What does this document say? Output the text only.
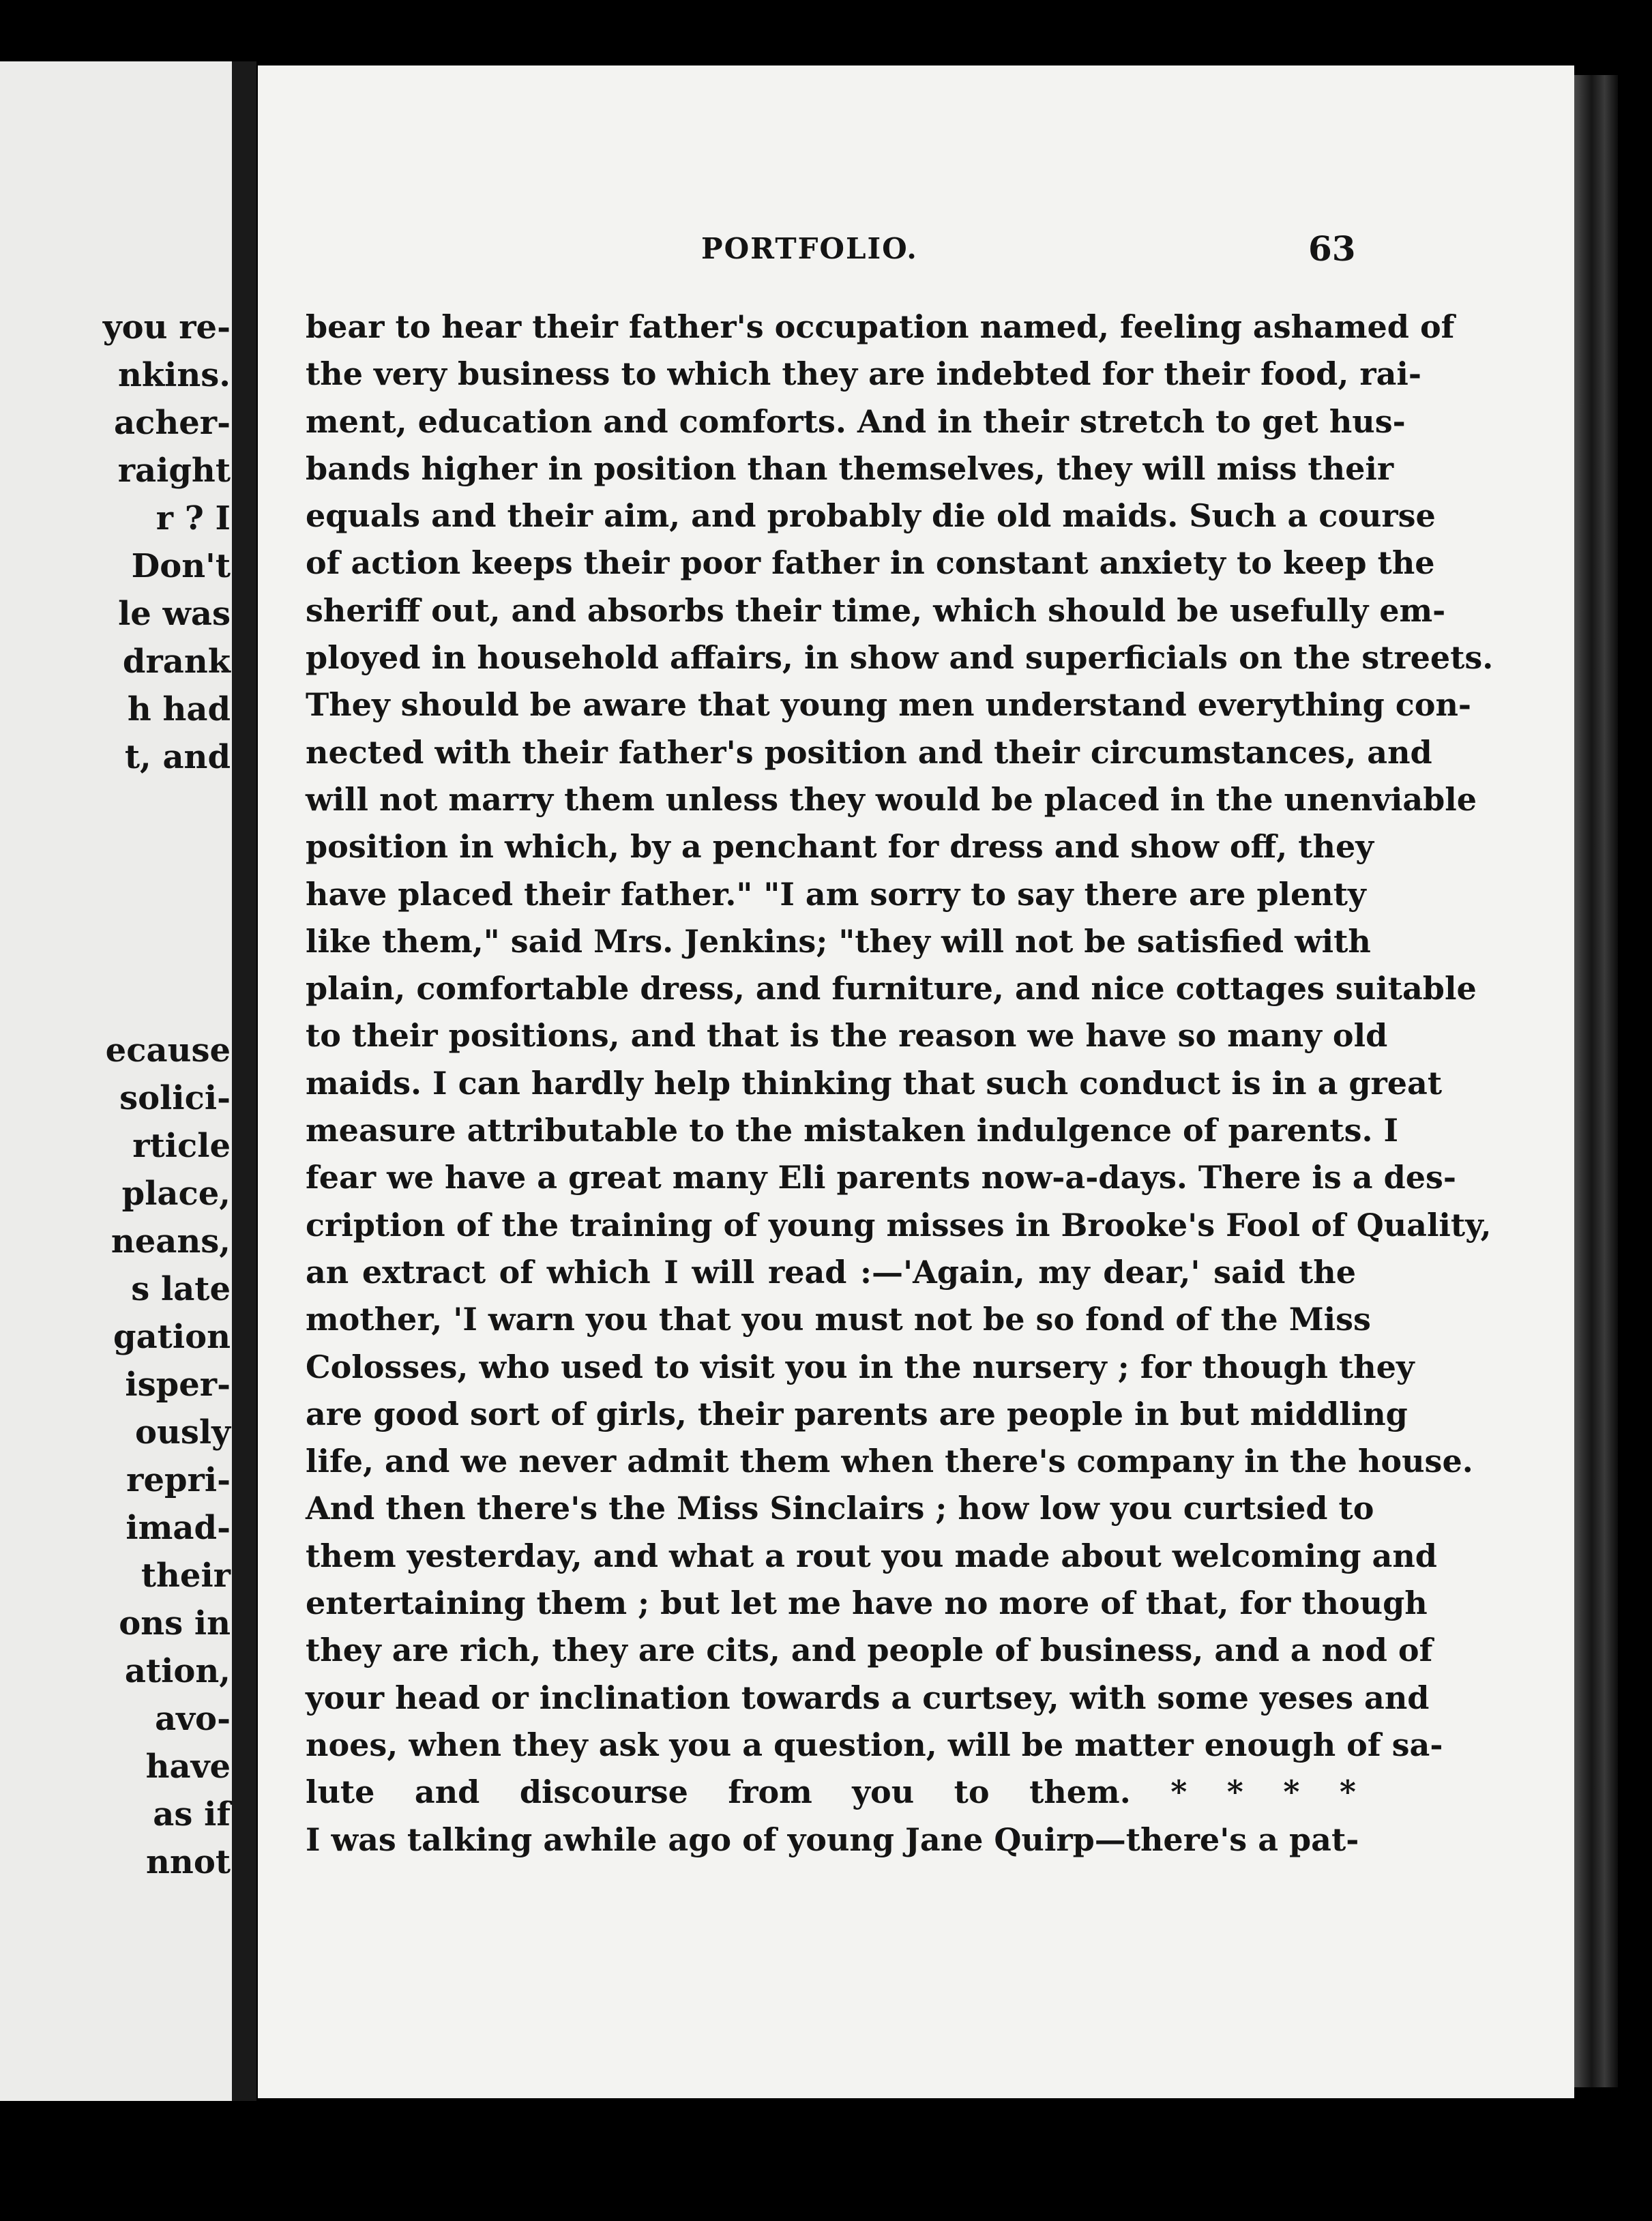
you re-

nkins.

acher-

raight

r ? I

Don't

le was

drank

h had

t, and

ecause

solici-

rticle

place,

neans,

s late

gation

isper-

ously

repri-

imad-

their

ons in

ation,

avo-

have

as if

nnot

PORTFOLIO.	63

bear to hear their father's occupation named, feeling ashamed of
the very business to which they are indebted for their food, rai-
ment, education and comforts. And in their stretch to get hus-
bands higher in position than themselves, they will miss their
equals and their aim, and probably die old maids. Such a course
of action keeps their poor father in constant anxiety to keep the
sheriff out, and absorbs their time, which should be usefully em-
ployed in household affairs, in show and superficials on the streets.
They should be aware that young men understand everything con-
nected with their father's position and their circumstances, and
will not marry them unless they would be placed in the unenviable
position in which, by a penchant for dress and show off, they
have placed their father." "I am sorry to say there are plenty
like them," said Mrs. Jenkins; "they will not be satisfied with
plain, comfortable dress, and furniture, and nice cottages suitable
to their positions, and that is the reason we have so many old
maids. I can hardly help thinking that such conduct is in a great
measure attributable to the mistaken indulgence of parents. I
fear we have a great many Eli parents now-a-days. There is a des-
cription of the training of young misses in Brooke's Fool of Quality,
an extract of which I will read :—'Again, my dear,' said the
mother, 'I warn you that you must not be so fond of the Miss
Colosses, who used to visit you in the nursery ; for though they
are good sort of girls, their parents are people in but middling
life, and we never admit them when there's company in the house.
And then there's the Miss Sinclairs ; how low you curtsied to
them yesterday, and what a rout you made about welcoming and
entertaining them ; but let me have no more of that, for though
they are rich, they are cits, and people of business, and a nod of
your head or inclination towards a curtsey, with some yeses and
noes, when they ask you a question, will be matter enough of sa-
lute and discourse from you to them. * * * *
I was talking awhile ago of young Jane Quirp—there's a pat-
